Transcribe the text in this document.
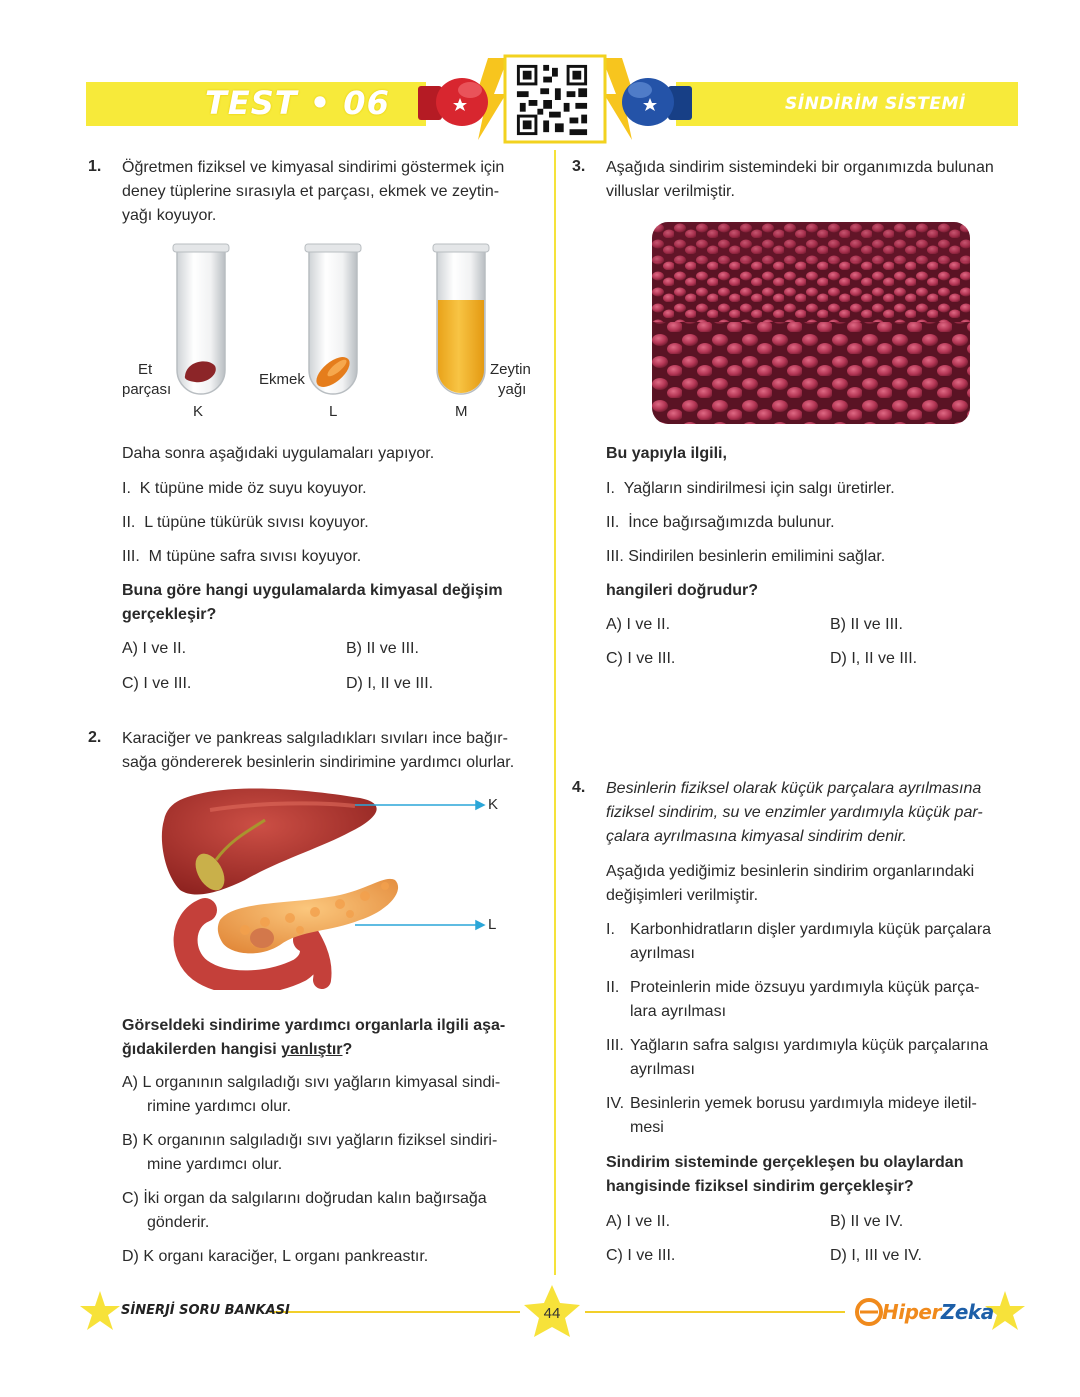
TEST • 06	SİNDİRİM SİSTEMİ
1. Öğretmen fiziksel ve kimyasal sindirimi göstermek için
deney tüplerine sırasıyla et parçası, ekmek ve zeytin-
yağı koyuyor.
Et
parçası
K
Ekmek
L
Zeytin
yağı
M
Daha sonra aşağıdaki uygulamaları yapıyor.
I. K tüpüne mide öz suyu koyuyor.
II. L tüpüne tükürük sıvısı koyuyor.
III. M tüpüne safra sıvısı koyuyor.
Buna göre hangi uygulamalarda kimyasal değişim
gerçekleşir?
A) I ve II.	B) II ve III.
C) I ve III.	D) I, II ve III.
2. Karaciğer ve pankreas salgıladıkları sıvıları ince bağır-
sağa göndererek besinlerin sindirimine yardımcı olurlar.
K
L
Görseldeki sindirime yardımcı organlarla ilgili aşa-
ğıdakilerden hangisi yanlıştır?
A) L organının salgıladığı sıvı yağların kimyasal sindi-
rimine yardımcı olur.
B) K organının salgıladığı sıvı yağların fiziksel sindiri-
mine yardımcı olur.
C) İki organ da salgılarını doğrudan kalın bağırsağa
gönderir.
D) K organı karaciğer, L organı pankreastır.
3. Aşağıda sindirim sistemindeki bir organımızda bulunan
villuslar verilmiştir.
Bu yapıyla ilgili,
I. Yağların sindirilmesi için salgı üretirler.
II. İnce bağırsağımızda bulunur.
III. Sindirilen besinlerin emilimini sağlar.
hangileri doğrudur?
A) I ve II.	B) II ve III.
C) I ve III.	D) I, II ve III.
4. Besinlerin fiziksel olarak küçük parçalara ayrılmasına
fiziksel sindirim, su ve enzimler yardımıyla küçük par-
çalara ayrılmasına kimyasal sindirim denir.
Aşağıda yediğimiz besinlerin sindirim organlarındaki
değişimleri verilmiştir.
I. Karbonhidratların dişler yardımıyla küçük parçalara
ayrılması
II. Proteinlerin mide özsuyu yardımıyla küçük parça-
lara ayrılması
III. Yağların safra salgısı yardımıyla küçük parçalarına
ayrılması
IV. Besinlerin yemek borusu yardımıyla mideye iletil-
mesi
Sindirim sisteminde gerçekleşen bu olaylardan
hangisinde fiziksel sindirim gerçekleşir?
A) I ve II.	B) II ve IV.
C) I ve III.	D) I, III ve IV.
SİNERJİ SORU BANKASI	44	HiperZeka
